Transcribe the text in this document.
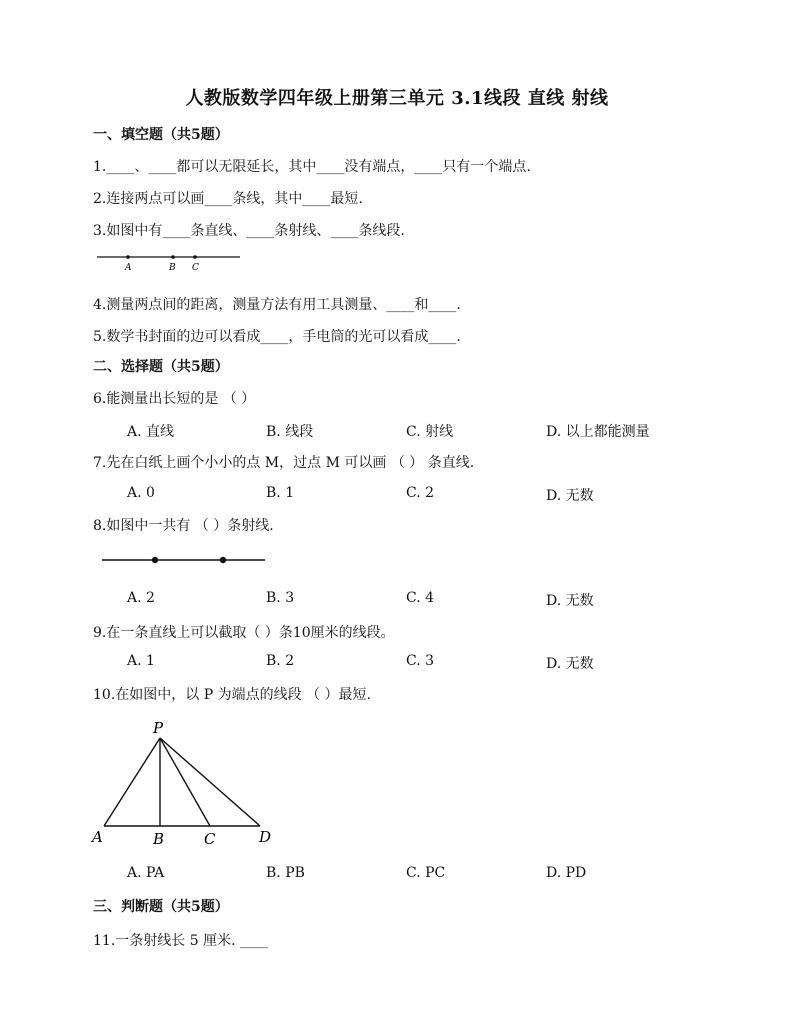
人教版数学四年级上册第三单元 3.1线段 直线 射线
一、填空题（共5题）
1.____、____都可以无限延长，其中____没有端点，____只有一个端点.
2.连接两点可以画____条线，其中____最短.
3.如图中有____条直线、____条射线、____条线段.
A	B C
4.测量两点间的距离，测量方法有用工具测量、____和____.
5.数学书封面的边可以看成____，手电筒的光可以看成____.
二、选择题（共5题）
6.能测量出长短的是 （ ）
A. 直线	B. 线段	C. 射线	D. 以上都能测量
7.先在白纸上画个小小的点 M，过点 M 可以画 （ ） 条直线.
A. 0	B. 1	C. 2	D. 无数
8.如图中一共有 （ ）条射线.
A. 2	B. 3	C. 4	D. 无数
9.在一条直线上可以截取（ ）条10厘米的线段。
A. 1	B. 2	C. 3	D. 无数
10.在如图中，以 P 为端点的线段 （ ）最短.
P
A	B	C	D
A. PA	B. PB	C. PC	D. PD
三、判断题（共5题）
11.一条射线长 5 厘米. ____
